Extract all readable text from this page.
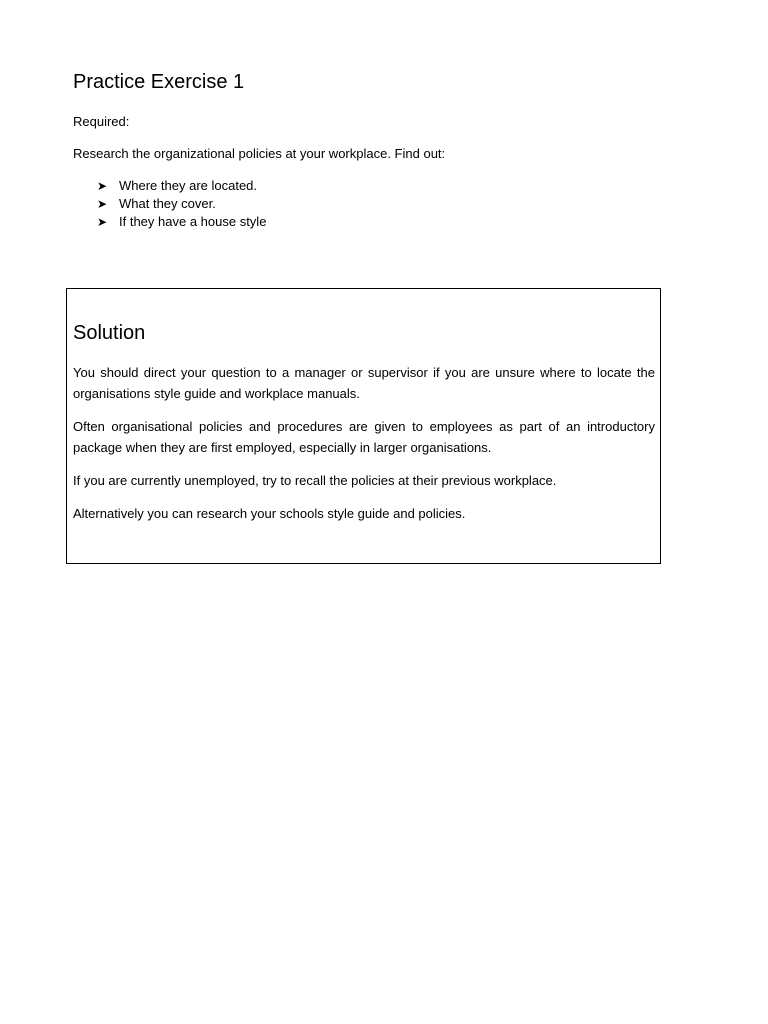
Practice Exercise 1

Required:

Research the organizational policies at your workplace. Find out:

➤ Where they are located.
➤ What they cover.
➤ If they have a house style
Solution

You should direct your question to a manager or supervisor if you are unsure where to locate the organisations style guide and workplace manuals.

Often organisational policies and procedures are given to employees as part of an introductory package when they are first employed, especially in larger organisations.

If you are currently unemployed, try to recall the policies at their previous workplace.

Alternatively you can research your schools style guide and policies.
